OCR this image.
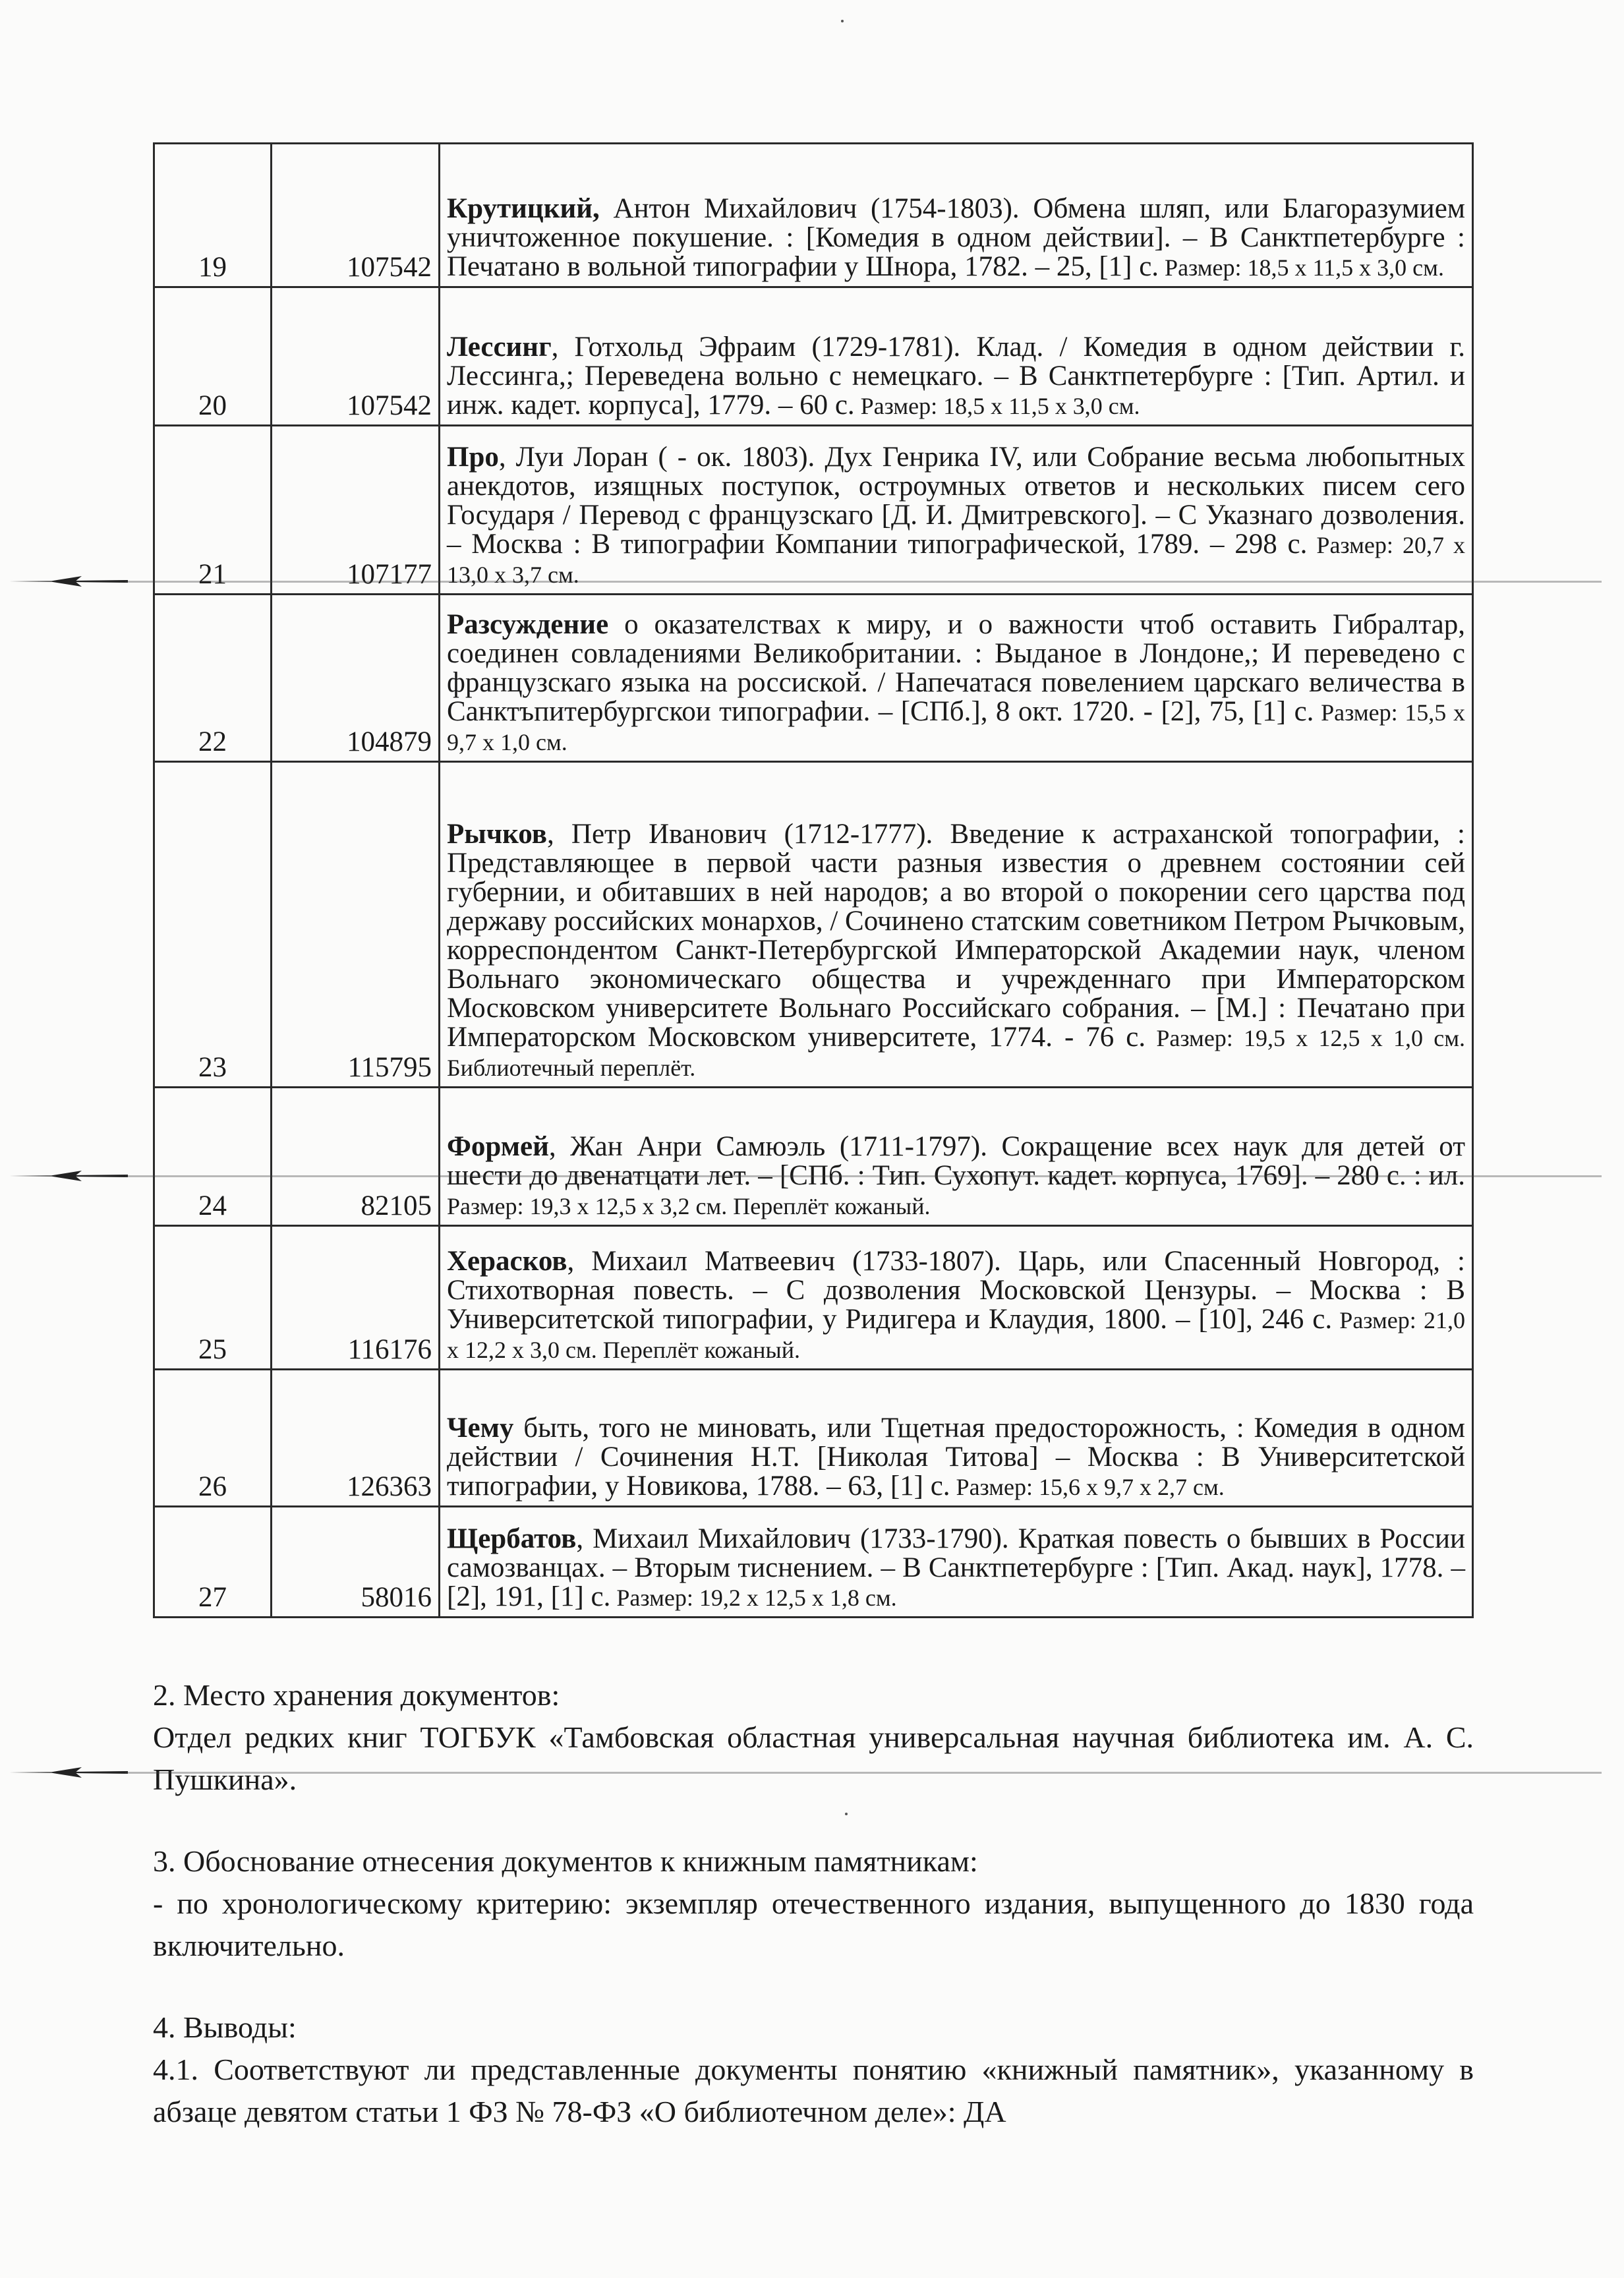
19	107542	Крутицкий, Антон Михайлович (1754-1803). Обмена шляп, или Благоразумием уничтоженное покушение. : [Комедия в одном действии]. – В Санктпетербурге : Печатано в вольной типографии у Шнора, 1782. – 25, [1] с. Размер: 18,5 х 11,5 х 3,0 см.
20	107542	Лессинг, Готхольд Эфраим (1729-1781). Клад. / Комедия в одном действии г. Лессинга,; Переведена вольно с немецкаго. – В Санктпетербурге : [Тип. Артил. и инж. кадет. корпуса], 1779. – 60 с. Размер: 18,5 х 11,5 х 3,0 см.
21	107177	Про, Луи Лоран ( - ок. 1803). Дух Генрика IV, или Собрание весьма любопытных анекдотов, изящных поступок, остроумных ответов и нескольких писем сего Государя / Перевод с французскаго [Д. И. Дмитревского]. – С Указнаго дозволения. – Москва : В типографии Компании типографической, 1789. – 298 с. Размер: 20,7 х 13,0 х 3,7 см.
22	104879	Разсуждение о оказателствах к миру, и о важности чтоб оставить Гибралтар, соединен совладениями Великобритании. : Выданое в Лондоне,; И переведено с французскаго языка на россиской. / Напечатася повелением царскаго величества в Санктъпитербургскои типографии. – [СПб.], 8 окт. 1720. - [2], 75, [1] с. Размер: 15,5 х 9,7 х 1,0 см.
23	115795	Рычков, Петр Иванович (1712-1777). Введение к астраханской топографии, : Представляющее в первой части разныя известия о древнем состоянии сей губернии, и обитавших в ней народов; а во второй о покорении сего царства под державу российских монархов, / Сочинено статским советником Петром Рычковым, корреспондентом Санкт-Петербургской Императорской Академии наук, членом Вольнаго экономическаго общества и учрежденнаго при Императорском Московском университете Вольнаго Российскаго собрания. – [М.] : Печатано при Императорском Московском университете, 1774. - 76 с. Размер: 19,5 х 12,5 х 1,0 см. Библиотечный переплёт.
24	82105	Формей, Жан Анри Самюэль (1711-1797). Сокращение всех наук для детей от шести до двенатцати лет. – [СПб. : Тип. Сухопут. кадет. корпуса, 1769]. – 280 с. : ил. Размер: 19,3 х 12,5 х 3,2 см. Переплёт кожаный.
25	116176	Херасков, Михаил Матвеевич (1733-1807). Царь, или Спасенный Новгород, : Стихотворная повесть. – С дозволения Московской Цензуры. – Москва : В Университетской типографии, у Ридигера и Клаудия, 1800. – [10], 246 с. Размер: 21,0 х 12,2 х 3,0 см. Переплёт кожаный.
26	126363	Чему быть, того не миновать, или Тщетная предосторожность, : Комедия в одном действии / Сочинения Н.Т. [Николая Титова] – Москва : В Университетской типографии, у Новикова, 1788. – 63, [1] с. Размер: 15,6 х 9,7 х 2,7 см.
27	58016	Щербатов, Михаил Михайлович (1733-1790). Краткая повесть о бывших в России самозванцах. – Вторым тиснением. – В Санктпетербурге : [Тип. Акад. наук], 1778. – [2], 191, [1] с. Размер: 19,2 х 12,5 х 1,8 см.

2. Место хранения документов:

Отдел редких книг ТОГБУК «Тамбовская областная универсальная научная библиотека им. А. С. Пушкина».

3. Обоснование отнесения документов к книжным памятникам:

- по хронологическому критерию: экземпляр отечественного издания, выпущенного до 1830 года включительно.

4. Выводы:

4.1. Соответствуют ли представленные документы понятию «книжный памятник», указанному в абзаце девятом статьи 1 ФЗ № 78-ФЗ «О библиотечном деле»: ДА
